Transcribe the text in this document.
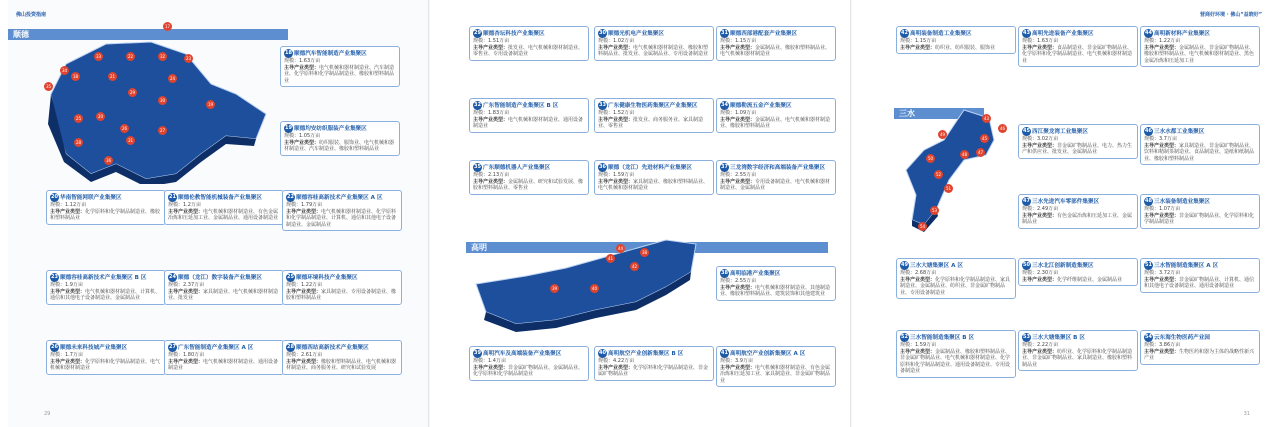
佛山投资指南
顺德
17
22	32	23
33
18	21	24
34
35
29
30
19
20
25
26	27
28	31
36
高明
38
39	40
41
42
44
营商好环境 · 佛山“益晓好”
三水
43
45
46
47
48
49
50
51
52
53
54
18 顺德汽车智能制造产业集聚区
规模：1.63万亩
主导产业类型：电气机械和器材制造业、汽车制造业、化学原料和化学制品制造业、橡胶和塑料制品业
19 顺德均安纺织服装产业集聚区
规模：1.05万亩
主导产业类型：纺织服装、服饰业、电气机械和器材制造业、汽车制造业、橡胶和塑料制品业
20 华南智能网联产业集聚区
规模：1.12万亩
主导产业类型：化学原料和化学制品制造业、橡胶和塑料制品业
21 顺德伦教智能机械装备产业集聚区
规模：1.2万亩
主导产业类型：电气机械和器材制造业、有色金属冶炼和压延加工业、金属制品业、通用设备制造业
22 顺德容桂高新技术产业集聚区 A 区
规模：1.79万亩
主导产业类型：电气机械和器材制造业、化学原料和化学制品制造业、计算机、通信和其他电子设备制造业、金属制品业
23 顺德容桂高新技术产业集聚区 B 区
规模：1.9万亩
主导产业类型：电气机械和器材制造业、计算机、通信和其他电子设备制造业、金属制品业
24 顺德（龙江）数字装备产业集聚区
规模：2.37万亩
主导产业类型：家具制造业、电气机械和器材制造业、批发业
25 顺德环境科技产业集聚区
规模：1.22万亩
主导产业类型：家具制造业、专用设备制造业、橡胶和塑料制品业
26 顺德未来科技城产业集聚区
规模：1.7万亩
主导产业类型：化学原料和化学制品制造业、电气机械和器材制造业
27 广东智能制造产业集聚区 A 区
规模：1.80万亩
主导产业类型：电气机械和器材制造业、通用设备制造业
28 顺德西站高新技术产业集聚区
规模：2.61万亩
主导产业类型：橡胶和塑料制品业、电气机械和器材制造业、商务服务业、研究和试验发展
29 顺德杏坛科技产业集聚区
规模：1.51万亩
主导产业类型：批发业、电气机械和器材制造业、零售业、专用设备制造业
30 顺德光机电产业集聚区
规模：1.02万亩
主导产业类型：电气机械和器材制造业、橡胶和塑料制品业、批发业、金属制品业、专用设备制造业
31 顺德西部港配套产业集聚区
规模：1.15万亩
主导产业类型：金属制品业、橡胶和塑料制品业、电气机械和器材制造业
32 广东智能制造产业集聚区 B 区
规模：1.83万亩
主导产业类型：电气机械和器材制造业、通用设备制造业
33 广东健康生物医药集聚区产业集聚区
规模：1.52万亩
主导产业类型：批发业、商务服务业、家具制造业、零售业
34 顺德勒流五金产业集聚区
规模：1.09万亩
主导产业类型：金属制品业、电气机械和器材制造业、橡胶和塑料制品业
35 广东顺德机器人产业集聚区
规模：2.13万亩
主导产业类型：金属制品业、研究和试验发展、橡胶和塑料制品业、零售业
36 顺德（龙江）先进材料产业集聚区
规模：1.59万亩
主导产业类型：家具制造业、橡胶和塑料制品业、电气机械和器材制造业
37 三龙湾数字经济和高端装备产业集聚区
规模：2.55万亩
主导产业类型：专用设备制造业、电气机械和器材制造业、金属制品业
38 高明临港产业集聚区
规模：2.55万亩
主导产业类型：电气机械和器材制造业、其他制造业、橡胶和塑料制品业、建筑装饰和其他建筑业
39 高明汽车及高端装备产业集聚区
规模：1.4万亩
主导产业类型：非金属矿物制品业、金属制品业、化学原料和化学制品制造业
40 高明航空产业创新集聚区 B 区
规模：4.22万亩
主导产业类型：化学原料和化学制品制造业、非金属矿物制品业
41 高明航空产业创新集聚区 A 区
规模：3.9万亩
主导产业类型：电气机械和器材制造业、有色金属冶炼和压延加工业、家具制造业、非金属矿物制品业
42 高明装备制造工业集聚区
规模：1.15万亩
主导产业类型：纺织业、纺织服装、服饰业
43 高明先进装备产业集聚区
规模：1.63万亩
主导产业类型：食品制造业、非金属矿物制品业、化学原料和化学制品制造业、电气机械和器材制造业
44 高明新材料产业集聚区
规模：1.22万亩
主导产业类型：金属制品业、非金属矿物制品业、橡胶和塑料制品业、电气机械和器材制造业、黑色金属冶炼和压延加工业
45 西江聚龙湾工业集聚区
规模：3.02万亩
主导产业类型：非金属矿物制品业、电力、热力生产和供应业、批发业、金属制品业
46 三水水都工业集聚区
规模：3.7万亩
主导产业类型：家具制造业、非金属矿物制品业、饮料和精制茶制造业、食品制造业、造纸和纸制品业、橡胶和塑料制品业
47 三水先进汽车零部件集聚区
规模：2.49万亩
主导产业类型：有色金属冶炼和压延加工业、金属制品业
48 三水装备制造业集聚区
规模：1.07万亩
主导产业类型：非金属矿物制品业、化学原料和化学制品制造业
49 三水大塘集聚区 A 区
规模：2.68万亩
主导产业类型：化学原料和化学制品制造业、家具制造业、金属制品业、纺织业、非金属矿物制品业、专用设备制造业
50 三水北江创新制造集聚区
规模：2.30万亩
主导产业类型：化学纤维制造业、金属制品业
51 三水智能制造集聚区 A 区
规模：3.72万亩
主导产业类型：非金属矿物制品业、计算机、通信和其他电子设备制造业、通用设备制造业
52 三水智能制造集聚区 B 区
规模：1.59万亩
主导产业类型：金属制品业、橡胶和塑料制品业、非金属矿物制品业、电气机械和器材制造业、化学原料和化学制品制造业、通用设备制造业、专用设备制造业
53 三水大塘集聚区 B 区
规模：2.22万亩
主导产业类型：纺织业、化学原料和化学制品制造业、非金属矿物制品业、家具制造业、橡胶和塑料制品业
54 云东海生物医药产业园
规模：3.86万亩
主导产业类型：生物医药和器为主体的战略性新兴产业
29	31
